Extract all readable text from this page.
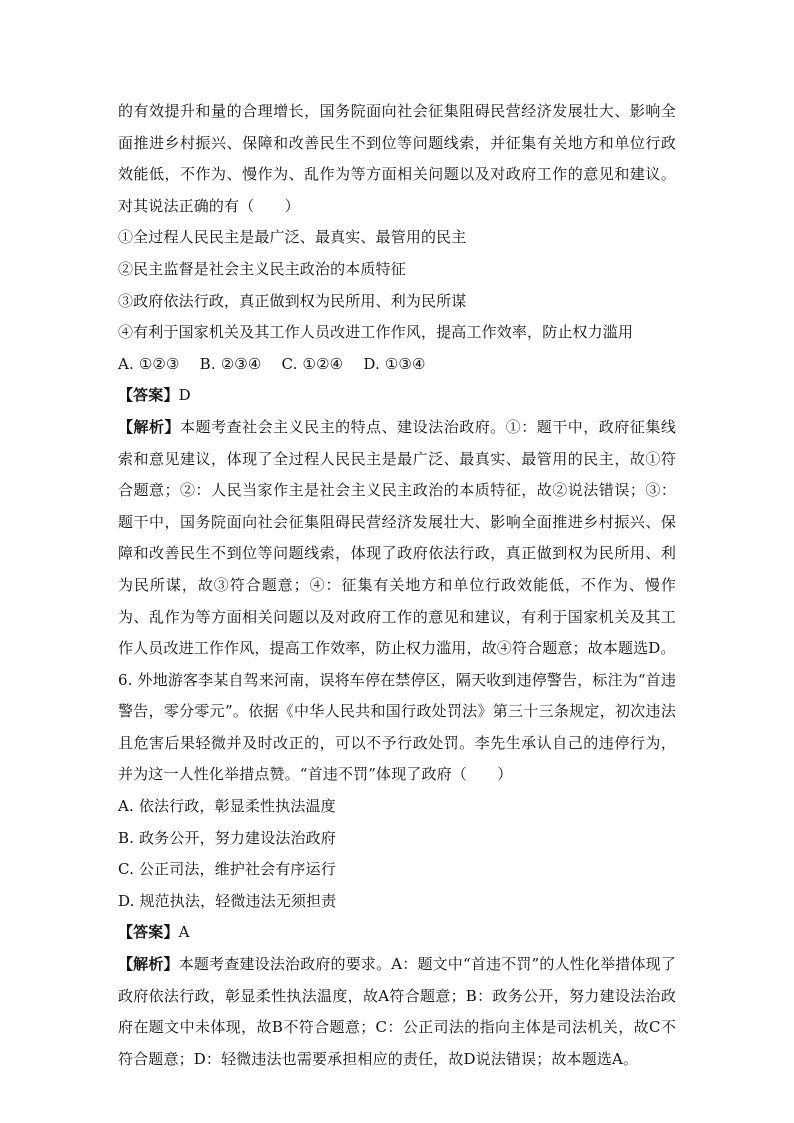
的有效提升和量的合理增长，国务院面向社会征集阻碍民营经济发展壮大、影响全面推进乡村振兴、保障和改善民生不到位等问题线索，并征集有关地方和单位行政效能低，不作为、慢作为、乱作为等方面相关问题以及对政府工作的意见和建议。对其说法正确的有（　　）

①全过程人民民主是最广泛、最真实、最管用的民主

②民主监督是社会主义民主政治的本质特征

③政府依法行政，真正做到权为民所用、利为民所谋

④有利于国家机关及其工作人员改进工作作风，提高工作效率，防止权力滥用

A. ①②③　 B. ②③④　 C. ①②④　 D. ①③④

【答案】D

【解析】本题考查社会主义民主的特点、建设法治政府。①：题干中，政府征集线索和意见建议，体现了全过程人民民主是最广泛、最真实、最管用的民主，故①符合题意；②：人民当家作主是社会主义民主政治的本质特征，故②说法错误；③：题干中，国务院面向社会征集阻碍民营经济发展壮大、影响全面推进乡村振兴、保障和改善民生不到位等问题线索，体现了政府依法行政，真正做到权为民所用、利为民所谋，故③符合题意；④：征集有关地方和单位行政效能低，不作为、慢作为、乱作为等方面相关问题以及对政府工作的意见和建议，有利于国家机关及其工作人员改进工作作风，提高工作效率，防止权力滥用，故④符合题意；故本题选D。

6. 外地游客李某自驾来河南，误将车停在禁停区，隔天收到违停警告，标注为“首违警告，零分零元”。依据《中华人民共和国行政处罚法》第三十三条规定，初次违法且危害后果轻微并及时改正的，可以不予行政处罚。李先生承认自己的违停行为，并为这一人性化举措点赞。“首违不罚”体现了政府（　　）

A. 依法行政，彰显柔性执法温度

B. 政务公开，努力建设法治政府

C. 公正司法，维护社会有序运行

D. 规范执法，轻微违法无须担责

【答案】A

【解析】本题考查建设法治政府的要求。A：题文中“首违不罚”的人性化举措体现了政府依法行政，彰显柔性执法温度，故A符合题意；B：政务公开，努力建设法治政府在题文中未体现，故B不符合题意；C：公正司法的指向主体是司法机关，故C不符合题意；D：轻微违法也需要承担相应的责任，故D说法错误；故本题选A。
